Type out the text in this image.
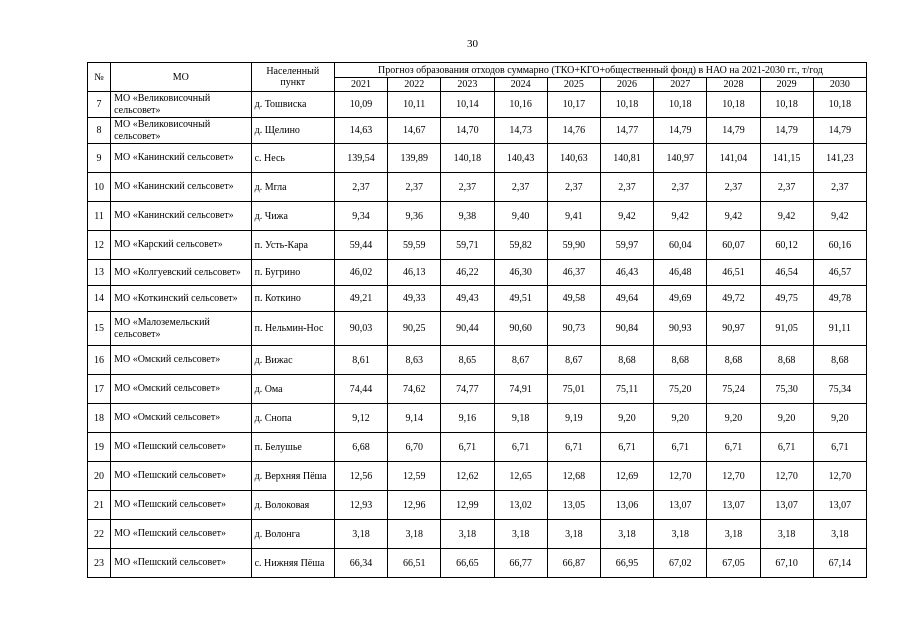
30
№	МО	Населенный пункт	Прогноз образования отходов суммарно (ТКО+КГО+общественный фонд) в НАО на 2021-2030 гг., т/год									
			2021	2022	2023	2024	2025	2026	2027	2028	2029	2030
7	МО «Великовисочный сельсовет»	д. Тошвиска	10,09	10,11	10,14	10,16	10,17	10,18	10,18	10,18	10,18	10,18
8	МО «Великовисочный сельсовет»	д. Щелино	14,63	14,67	14,70	14,73	14,76	14,77	14,79	14,79	14,79	14,79
9	МО «Канинский сельсовет»	с. Несь	139,54	139,89	140,18	140,43	140,63	140,81	140,97	141,04	141,15	141,23
10	МО «Канинский сельсовет»	д. Мгла	2,37	2,37	2,37	2,37	2,37	2,37	2,37	2,37	2,37	2,37
11	МО «Канинский сельсовет»	д. Чижа	9,34	9,36	9,38	9,40	9,41	9,42	9,42	9,42	9,42	9,42
12	МО «Карский сельсовет»	п. Усть-Кара	59,44	59,59	59,71	59,82	59,90	59,97	60,04	60,07	60,12	60,16
13	МО «Колгуевский сельсовет»	п. Бугрино	46,02	46,13	46,22	46,30	46,37	46,43	46,48	46,51	46,54	46,57
14	МО «Коткинский сельсовет»	п. Коткино	49,21	49,33	49,43	49,51	49,58	49,64	49,69	49,72	49,75	49,78
15	МО «Малоземельский сельсовет»	п. Нельмин-Нос	90,03	90,25	90,44	90,60	90,73	90,84	90,93	90,97	91,05	91,11
16	МО «Омский сельсовет»	д. Вижас	8,61	8,63	8,65	8,67	8,67	8,68	8,68	8,68	8,68	8,68
17	МО «Омский сельсовет»	д. Ома	74,44	74,62	74,77	74,91	75,01	75,11	75,20	75,24	75,30	75,34
18	МО «Омский сельсовет»	д. Снопа	9,12	9,14	9,16	9,18	9,19	9,20	9,20	9,20	9,20	9,20
19	МО «Пешский сельсовет»	п. Белушье	6,68	6,70	6,71	6,71	6,71	6,71	6,71	6,71	6,71	6,71
20	МО «Пешский сельсовет»	д. Верхняя Пёша	12,56	12,59	12,62	12,65	12,68	12,69	12,70	12,70	12,70	12,70
21	МО «Пешский сельсовет»	д. Волоковая	12,93	12,96	12,99	13,02	13,05	13,06	13,07	13,07	13,07	13,07
22	МО «Пешский сельсовет»	д. Волонга	3,18	3,18	3,18	3,18	3,18	3,18	3,18	3,18	3,18	3,18
23	МО «Пешский сельсовет»	с. Нижняя Пёша	66,34	66,51	66,65	66,77	66,87	66,95	67,02	67,05	67,10	67,14
